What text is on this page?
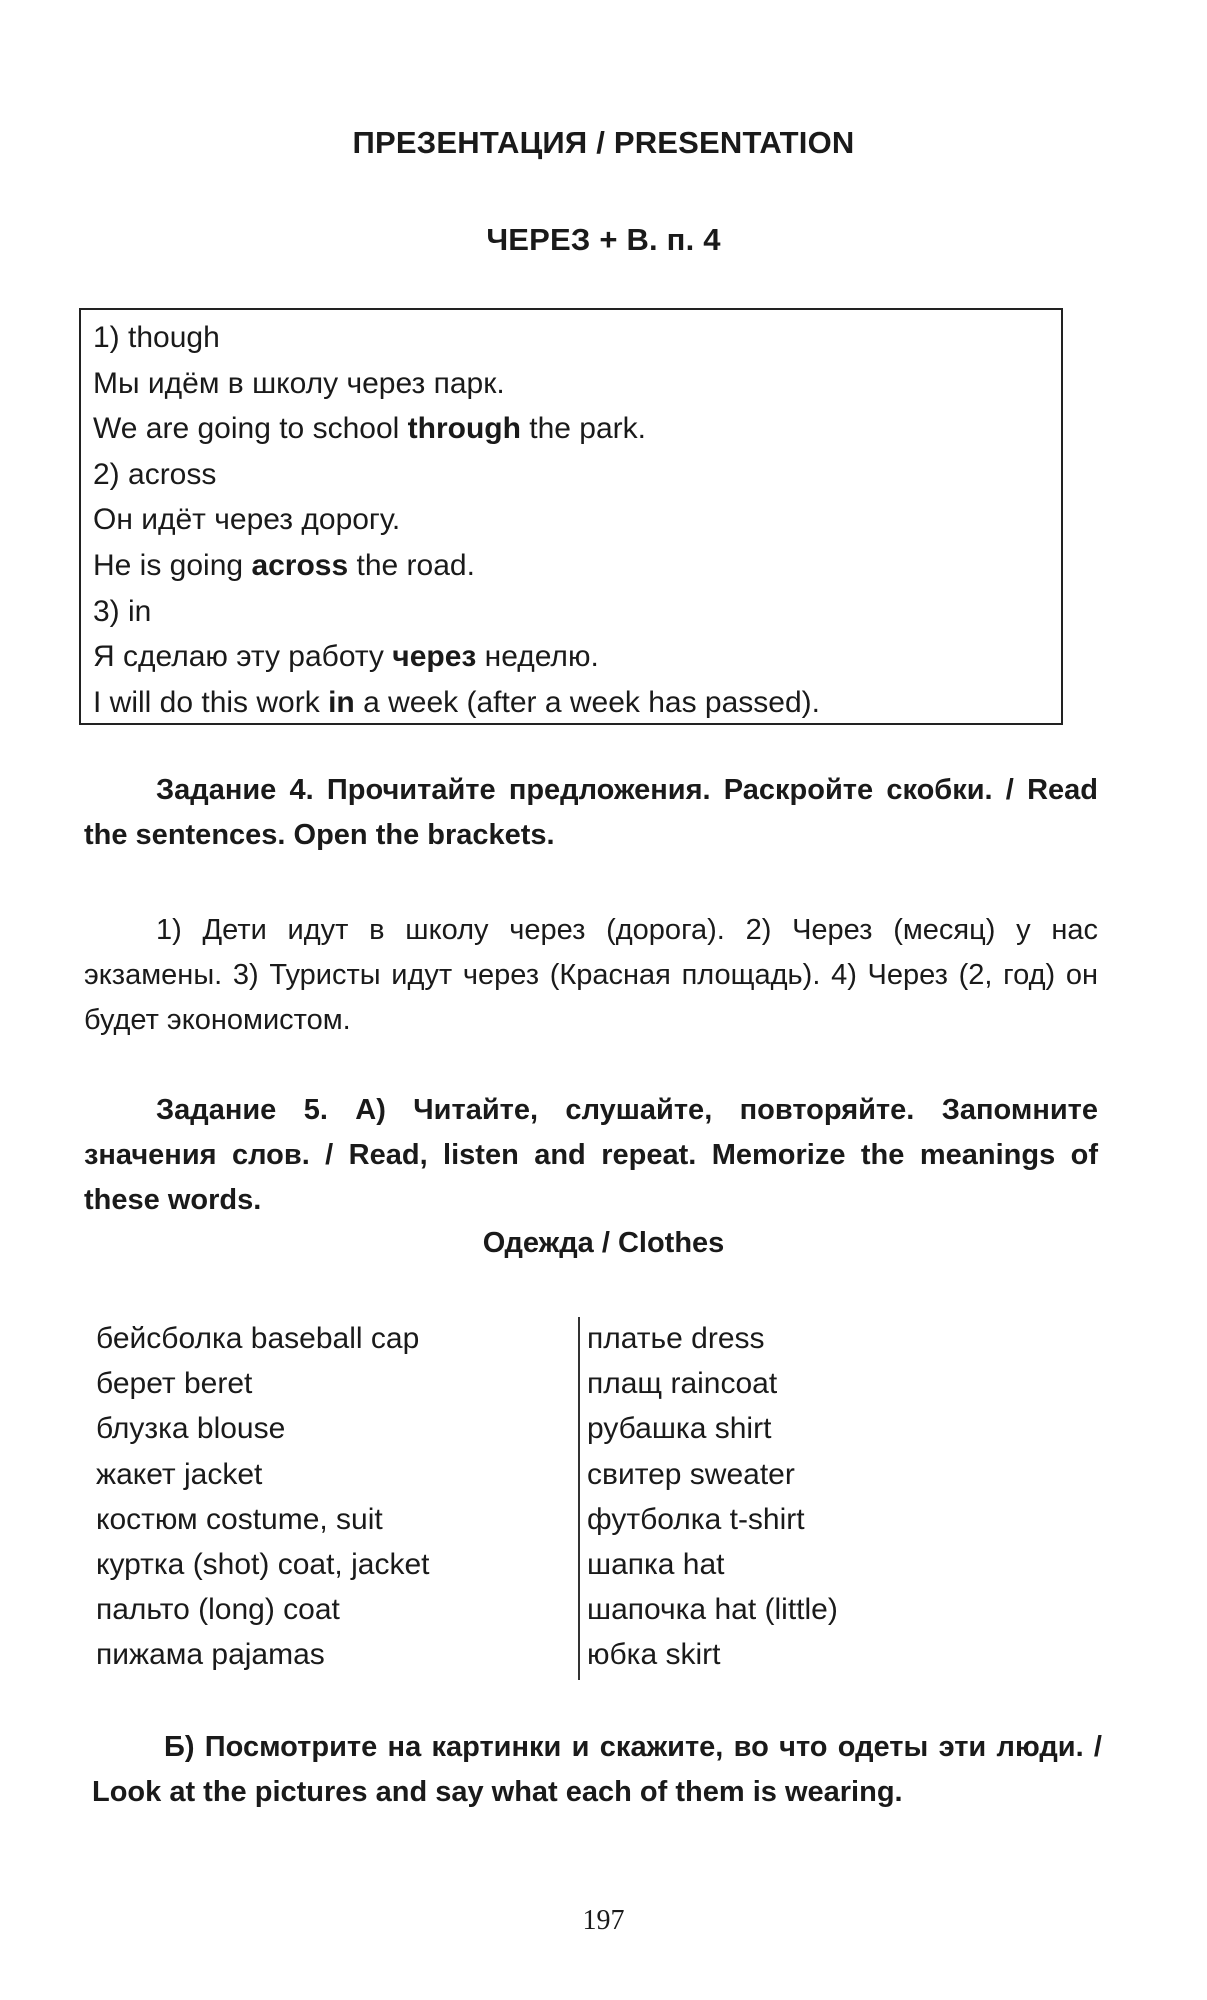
ПРЕЗЕНТАЦИЯ / PRESENTATION
ЧЕРЕЗ + В. п. 4
1) though
Мы идём в школу через парк.
We are going to school through the park.
2) across
Он идёт через дорогу.
He is going across the road.
3) in
Я сделаю эту работу через неделю.
I will do this work in a week (after a week has passed).
Задание 4. Прочитайте предложения. Раскройте скобки. / Read the sentences. Open the brackets.
1) Дети идут в школу через (дорога). 2) Через (месяц) у нас экзамены. 3) Туристы идут через (Красная площадь). 4) Через (2, год) он будет экономистом.
Задание 5. А) Читайте, слушайте, повторяйте. Запомните значения слов. / Read, listen and repeat. Memorize the meanings of these words.
Одежда / Clothes
бейсболка baseball cap
берет beret
блузка blouse
жакет jacket
костюм costume, suit
куртка (shot) coat, jacket
пальто (long) coat
пижама pajamas
платье dress
плащ raincoat
рубашка shirt
свитер sweater
футболка t-shirt
шапка hat
шапочка hat (little)
юбка skirt
Б) Посмотрите на картинки и скажите, во что одеты эти люди. / Look at the pictures and say what each of them is wearing.
197
